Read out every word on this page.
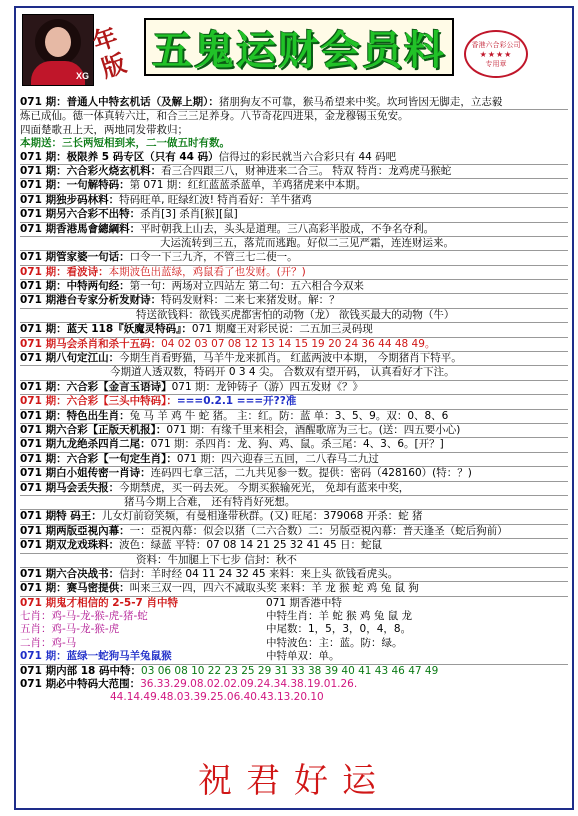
XG
年版 五鬼运财会员料	香港六合彩公司
★★★★
专用章
071 期：普通人中特玄机话（及解上期）：猪朋狗友不可靠，猴马希望来中奖。坎珂皆因无脚走，立志毅
炼已成仙。德一体真转六辻，和合三三足养身。八节奇花四进果，金龙穆锡玉免安。
四面楚歌丑上天，两地同发带救归；
本期送：三长两短相到来，二一做五时有数。
071 期：极限养 5 码专区（只有 44 码）信得过的彩民就当六合彩只有 44 码吧
071 期：六合彩火烧玄机料：看三合四跟三八，财神进来二合三。 特双 特肖：龙鸡虎马猴蛇
071 期：一句解特码：第 071 期：红红蓝蓝杀蓝单，羊鸡猪虎来中本期。
071 期独步码林料：特码旺单, 旺绿红波! 特肖看好：羊牛猪鸡
071 期另六合彩不出特：杀肖[3] 杀肖[猴][鼠]
071 期香港馬會總綱料：平时朝我上山去，头头是道理。三八高彩半股成，不争名夺利。
大运流转到三五，落荒而逃跑。好似二三见严霜，连连财运来。
071 期管家婆一句话：口令一下三九齐，不管三七二使一。
071 期：看波诗：本期波色出蓝绿，鸡鼠看了也发财。(开？)
071 期：中特两句经：第一句：两场对立四站左 第二句：五六相合今双来
071 期港台专家分析发财诗：特码发财料：二来七来猪发财。解：？
特送欲钱料：欲钱买虎都害怕的动物（龙） 欲钱买最大的动物（牛）
071 期：蓝天 118『妖魔灵特码』：071 期魔王对彩民说：二五加三灵码现
071 期马会杀肖和杀十五码：04 02 03 07 08 12 13 14 15 19 20 24 36 44 48 49。
071 期八句定江山：今期生肖看野猫，马羊牛龙来抓肖。 红蓝两波中本期， 今期猪肖下特平。
今期道人透双数，特码开 0 3 4 尖。 合数双有望开码， 认真看好才下注。
071 期：六合彩【金言玉语诗】071 期：龙钟铸子（游）四五发财《？》
071 期：六合彩【三头中特码】：===0.2.1 ===开??准
071 期：特色出生肖：兔 马 羊 鸡 牛 蛇 猪。 主：红。防：蓝 单：3、5、9。双：0、8、6
071 期六合彩【正版天机报】：071 期：有缘千里来相会，酒醒歌席为三七。(送：四五要小心)
071 期九龙绝杀四肖二尾：071 期：杀四肖：龙、狗、鸡、鼠。杀三尾：4、3、6。[开？]
071 期：六合彩【一句定生肖】：071 期：四六迎春三五回，二八春马二九过
071 期白小姐传密一肖诗：连码四七拿三活，二九共见参一数。提供：密码（428160）(特：？)
071 期马会丢失报：今期禁虎，买一码去死。 今期买猴输死光， 免却有蓝来中奖，
猪马今期上合难， 还有特肖好死想。
071 期特 码王：儿女灯前窃笑频，有曼相逢带秋群。(又) 旺尾：379068 开杀：蛇 猪
071 期两版亞視內幕：一：亞視內幕：似会以猪（二六合数）二：另版亞視內幕：普天逢圣（蛇后狗前）
071 期双龙戏珠料：波色：绿蓝 平特：07 08 14 21 25 32 41 45 日：蛇鼠
资料：牛加腿上下七步 信封：秋不
071 期六合决战书：信封：羊时经 04 11 24 32 45 来料：来上头 欲钱看虎头。
071 期：赛马密提供：叫来三双一四，四六不减取头奖 来料：羊 龙 猴 蛇 鸡 兔 鼠 狗
071 期鬼才相信的 2-5-7 肖中特
七肖：鸡-马-龙-猴-虎-猪-蛇
五肖：鸡-马-龙-猴-虎
二肖：鸡-马
071 期：蓝绿一蛇狗马羊兔鼠猴
071 期香港中特
中特生肖：羊 蛇 猴 鸡 兔 鼠 龙
中尾数：1，5，3，0，4，8。
中特波色：主：蓝。防：绿。
中特单双：单。
071 期内部 18 码中特：03 06 08 10 22 23 25 29 31 33 38 39 40 41 43 46 47 49
071 期必中特码大范围：36.33.29.08.02.02.09.24.34.38.19.01.26.
44.14.49.48.03.39.25.06.40.43.13.20.10
祝君好运
